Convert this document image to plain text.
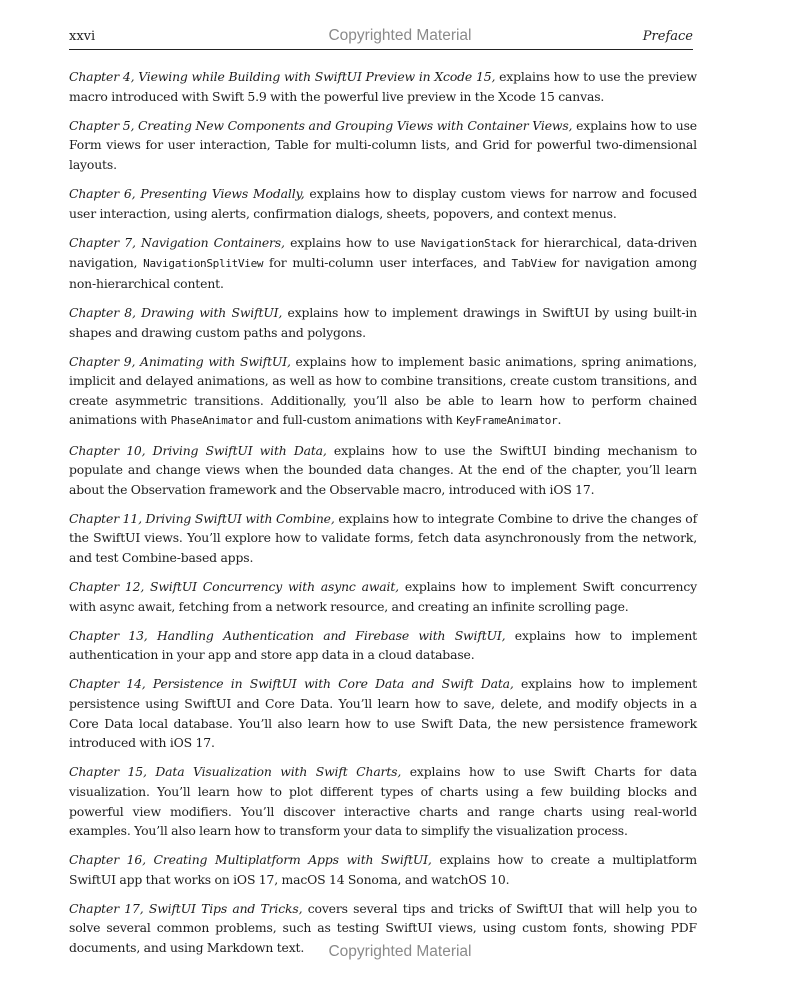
xxvi	Preface
Copyrighted Material

Chapter 4, Viewing while Building with SwiftUI Preview in Xcode 15, explains how to use the preview macro introduced with Swift 5.9 with the powerful live preview in the Xcode 15 canvas.

Chapter 5, Creating New Components and Grouping Views with Container Views, explains how to use Form views for user interaction, Table for multi-column lists, and Grid for powerful two-dimensional layouts.

Chapter 6, Presenting Views Modally, explains how to display custom views for narrow and focused user interaction, using alerts, confirmation dialogs, sheets, popovers, and context menus.

Chapter 7, Navigation Containers, explains how to use NavigationStack for hierarchical, data-driven navigation, NavigationSplitView for multi-column user interfaces, and TabView for navigation among non-hierarchical content.

Chapter 8, Drawing with SwiftUI, explains how to implement drawings in SwiftUI by using built-in shapes and drawing custom paths and polygons.

Chapter 9, Animating with SwiftUI, explains how to implement basic animations, spring animations, implicit and delayed animations, as well as how to combine transitions, create custom transitions, and create asymmetric transitions. Additionally, you’ll also be able to learn how to perform chained animations with PhaseAnimator and full-custom animations with KeyFrameAnimator.

Chapter 10, Driving SwiftUI with Data, explains how to use the SwiftUI binding mechanism to populate and change views when the bounded data changes. At the end of the chapter, you’ll learn about the Observation framework and the Observable macro, introduced with iOS 17.

Chapter 11, Driving SwiftUI with Combine, explains how to integrate Combine to drive the changes of the SwiftUI views. You’ll explore how to validate forms, fetch data asynchronously from the network, and test Combine-based apps.

Chapter 12, SwiftUI Concurrency with async await, explains how to implement Swift concurrency with async await, fetching from a network resource, and creating an infinite scrolling page.

Chapter 13, Handling Authentication and Firebase with SwiftUI, explains how to implement authentication in your app and store app data in a cloud database.

Chapter 14, Persistence in SwiftUI with Core Data and Swift Data, explains how to implement persistence using SwiftUI and Core Data. You’ll learn how to save, delete, and modify objects in a Core Data local database. You’ll also learn how to use Swift Data, the new persistence framework introduced with iOS 17.

Chapter 15, Data Visualization with Swift Charts, explains how to use Swift Charts for data visualization. You’ll learn how to plot different types of charts using a few building blocks and powerful view modifiers. You’ll discover interactive charts and range charts using real-world examples. You’ll also learn how to transform your data to simplify the visualization process.

Chapter 16, Creating Multiplatform Apps with SwiftUI, explains how to create a multiplatform SwiftUI app that works on iOS 17, macOS 14 Sonoma, and watchOS 10.

Chapter 17, SwiftUI Tips and Tricks, covers several tips and tricks of SwiftUI that will help you to solve several common problems, such as testing SwiftUI views, using custom fonts, showing PDF documents, and using Markdown text.	Copyrighted Material
